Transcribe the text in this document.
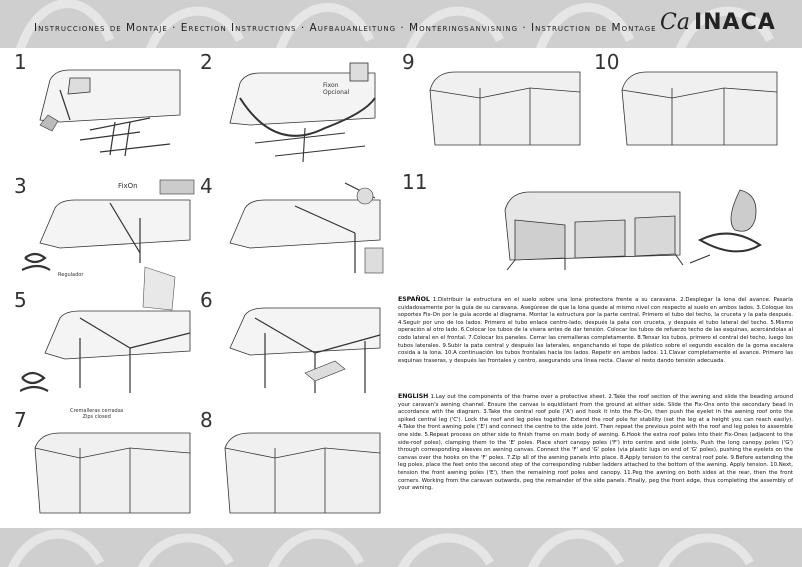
Instrucciones de Montaje · Erection Instructions · Aufbauanleitung · Monteringsanvisning · Instruction de Montage Ca INACA
1	2
3	4
5	6
7	8
9	10
11
Fixon
Opcional
FixOn
Regulador
Cremalleras cerradas
Zips closed
ESPAÑOL 1.Distribuir la estructura en el suelo sobre una lona protectora frente a su caravana. 2.Desplegar la lona del avance. Pasarla cuidadosamente por la guía de su caravana. Asegúrese de que la lona quede al mismo nivel con respecto al suelo en ambos lados. 3.Coloque los soportes Fix-On por la guía acorde al diagrama. Montar la estructura por la parte central. Primero el tubo del techo, la cruceta y la pata después. 4.Seguir por uno de los lados. Primero el tubo enlace centro-lado, después la pata con cruceta, y después el tubo lateral del techo. 5.Mismo operación al otro lado. 6.Colocar los tubos de la visera antes de dar tensión. Colocar los tubos de refuerzo techo de las esquinas, acercándolas al codo lateral en el frontal. 7.Colocar los paneles. Cerrar las cremalleras completamente. 8.Tensar los tubos, primero el central del techo, luego los tubos laterales. 9.Subir la pata central y después las laterales, enganchando el tope de plástico sobre el segundo escalón de la goma escalera cosida a la lona. 10.A continuación los tubos frontales hacia los lados. Repetir en ambos lados. 11.Clavar completamente el avance. Primero las esquinas traseras, y después las frontales y centro, asegurando una línea recta. Clavar el resto dando tensión adecuada.
ENGLISH 1.Lay out the components of the frame over a protective sheet. 2.Take the roof section of the awning and slide the beading around your caravan's awning channel. Ensure the canvas is equidistant from the ground at either side. Slide the Fix-Ons onto the secondary bead in accordance with the diagram. 3.Take the central roof pole ('A') and hook it into the Fix-On, then push the eyelet in the awning roof onto the spiked central leg ('C'). Lock the roof and leg poles together. Extend the roof pole for stability (set the leg at a height you can reach easily). 4.Take the front awning pole ('E') and connect the centre to the side joint. Then repeat the previous point with the roof and leg poles to assemble one side. 5.Repeat process on other side to finish frame on main body of awning. 6.Hook the extra roof poles into their Fix-Ones (adjacent to the side-roof poles), clamping them to the 'E' poles. Place short canopy poles ('F') into centre and side joints. Push the long canopy poles ('G') through corresponding sleeves on awning canvas. Connect the 'F' and 'G' poles (via plastic lugs on end of 'G' poles), pushing the eyelets on the canvas over the hooks on the 'F' poles. 7.Zip all of the awning panels into place. 8.Apply tension to the central roof pole. 9.Before extending the leg poles, place the feet onto the second step of the corresponding rubber ladders attached to the bottom of the awning. Apply tension. 10.Next, tension the front awning poles ('E'), then the remaining roof poles and canopy. 11.Peg the awning on both sides at the rear, then the front corners. Working from the caravan outwards, peg the remainder of the side panels. Finally, peg the front edge, thus completing the assembly of your awning.
